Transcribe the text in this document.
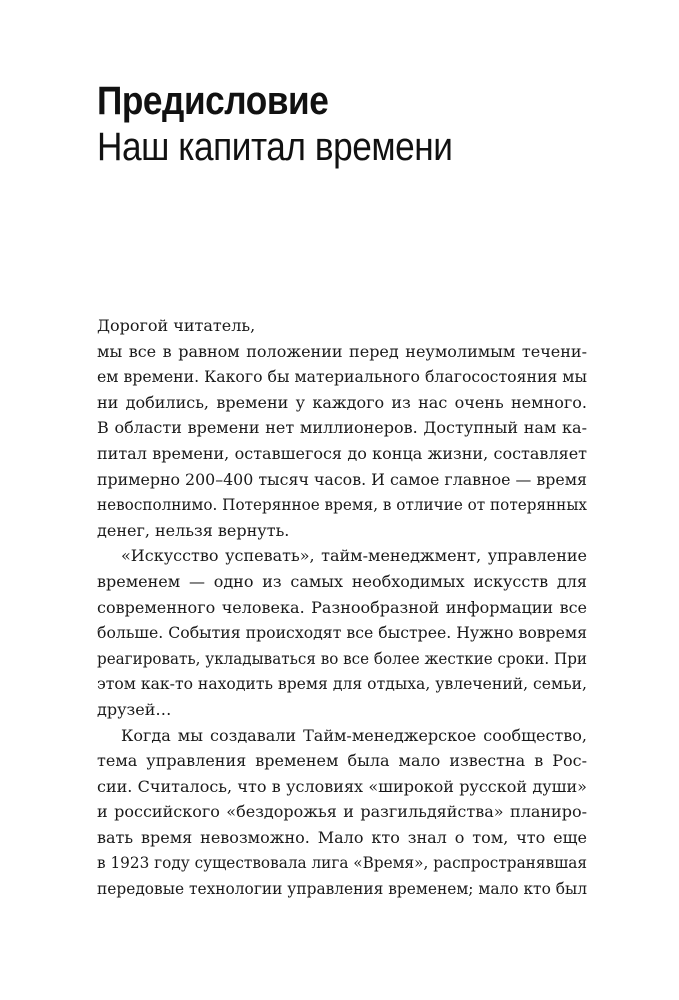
Предисловие
Наш капитал времени
Дорогой читатель,
мы все в равном положении перед неумолимым течени-
ем времени. Какого бы материального благосостояния мы
ни добились, времени у каждого из нас очень немного.
В области времени нет миллионеров. Доступный нам ка-
питал времени, оставшегося до конца жизни, составляет
примерно 200–400 тысяч часов. И самое главное — время
невосполнимо. Потерянное время, в отличие от потерянных
денег, нельзя вернуть.
«Искусство успевать», тайм-менеджмент, управление
временем — одно из самых необходимых искусств для
современного человека. Разнообразной информации все
больше. События происходят все быстрее. Нужно вовремя
реагировать, укладываться во все более жесткие сроки. При
этом как-то находить время для отдыха, увлечений, семьи,
друзей…
Когда мы создавали Тайм-менеджерское сообщество,
тема управления временем была мало известна в Рос-
сии. Считалось, что в условиях «широкой русской души»
и российского «бездорожья и разгильдяйства» планиро-
вать время невозможно. Мало кто знал о том, что еще
в 1923 году существовала лига «Время», распространявшая
передовые технологии управления временем; мало кто был
